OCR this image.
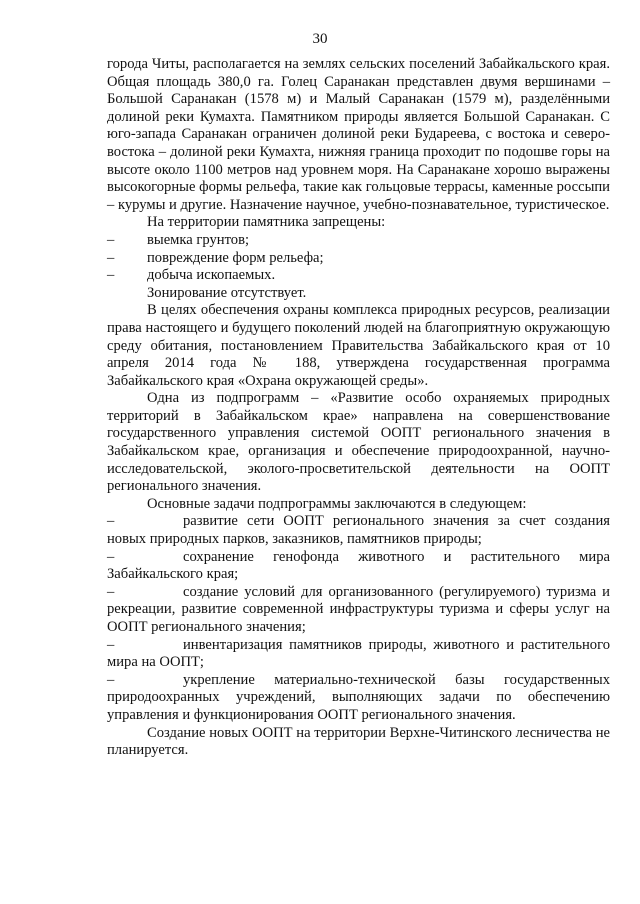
30

города Читы, располагается на землях сельских поселений Забайкальского края. Общая площадь 380,0 га. Голец Саранакан представлен двумя вершинами – Большой Саранакан (1578 м) и Малый Саранакан (1579 м), разделёнными долиной реки Кумахта. Памятником природы является Большой Саранакан. С юго-запада Саранакан ограничен долиной реки Будареева, с востока и северо-востока – долиной реки Кумахта, нижняя граница проходит по подошве горы на высоте около 1100 метров над уровнем моря. На Саранакане хорошо выражены высокогорные формы рельефа, такие как гольцовые террасы, каменные россыпи – курумы и другие. Назначение научное, учебно-познавательное, туристическое.

На территории памятника запрещены:

–	выемка грунтов;
–	повреждение форм рельефа;
–	добыча ископаемых.

Зонирование отсутствует.

В целях обеспечения охраны комплекса природных ресурсов, реализации права настоящего и будущего поколений людей на благоприятную окружающую среду обитания, постановлением Правительства Забайкальского края от 10 апреля 2014 года № 188, утверждена государственная программа Забайкальского края «Охрана окружающей среды».

Одна из подпрограмм – «Развитие особо охраняемых природных территорий в Забайкальском крае» направлена на совершенствование государственного управления системой ООПТ регионального значения в Забайкальском крае, организация и обеспечение природоохранной, научно-исследовательской, эколого-просветительской деятельности на ООПТ регионального значения.

Основные задачи подпрограммы заключаются в следующем:

–	развитие сети ООПТ регионального значения за счет создания новых природных парков, заказников, памятников природы;

–	сохранение генофонда животного и растительного мира Забайкальского края;

–	создание условий для организованного (регулируемого) туризма и рекреации, развитие современной инфраструктуры туризма и сферы услуг на ООПТ регионального значения;

–	инвентаризация памятников природы, животного и растительного мира на ООПТ;

–	укрепление материально-технической базы государственных природоохранных учреждений, выполняющих задачи по обеспечению управления и функционирования ООПТ регионального значения.

Создание новых ООПТ на территории Верхне-Читинского лесничества не планируется.
